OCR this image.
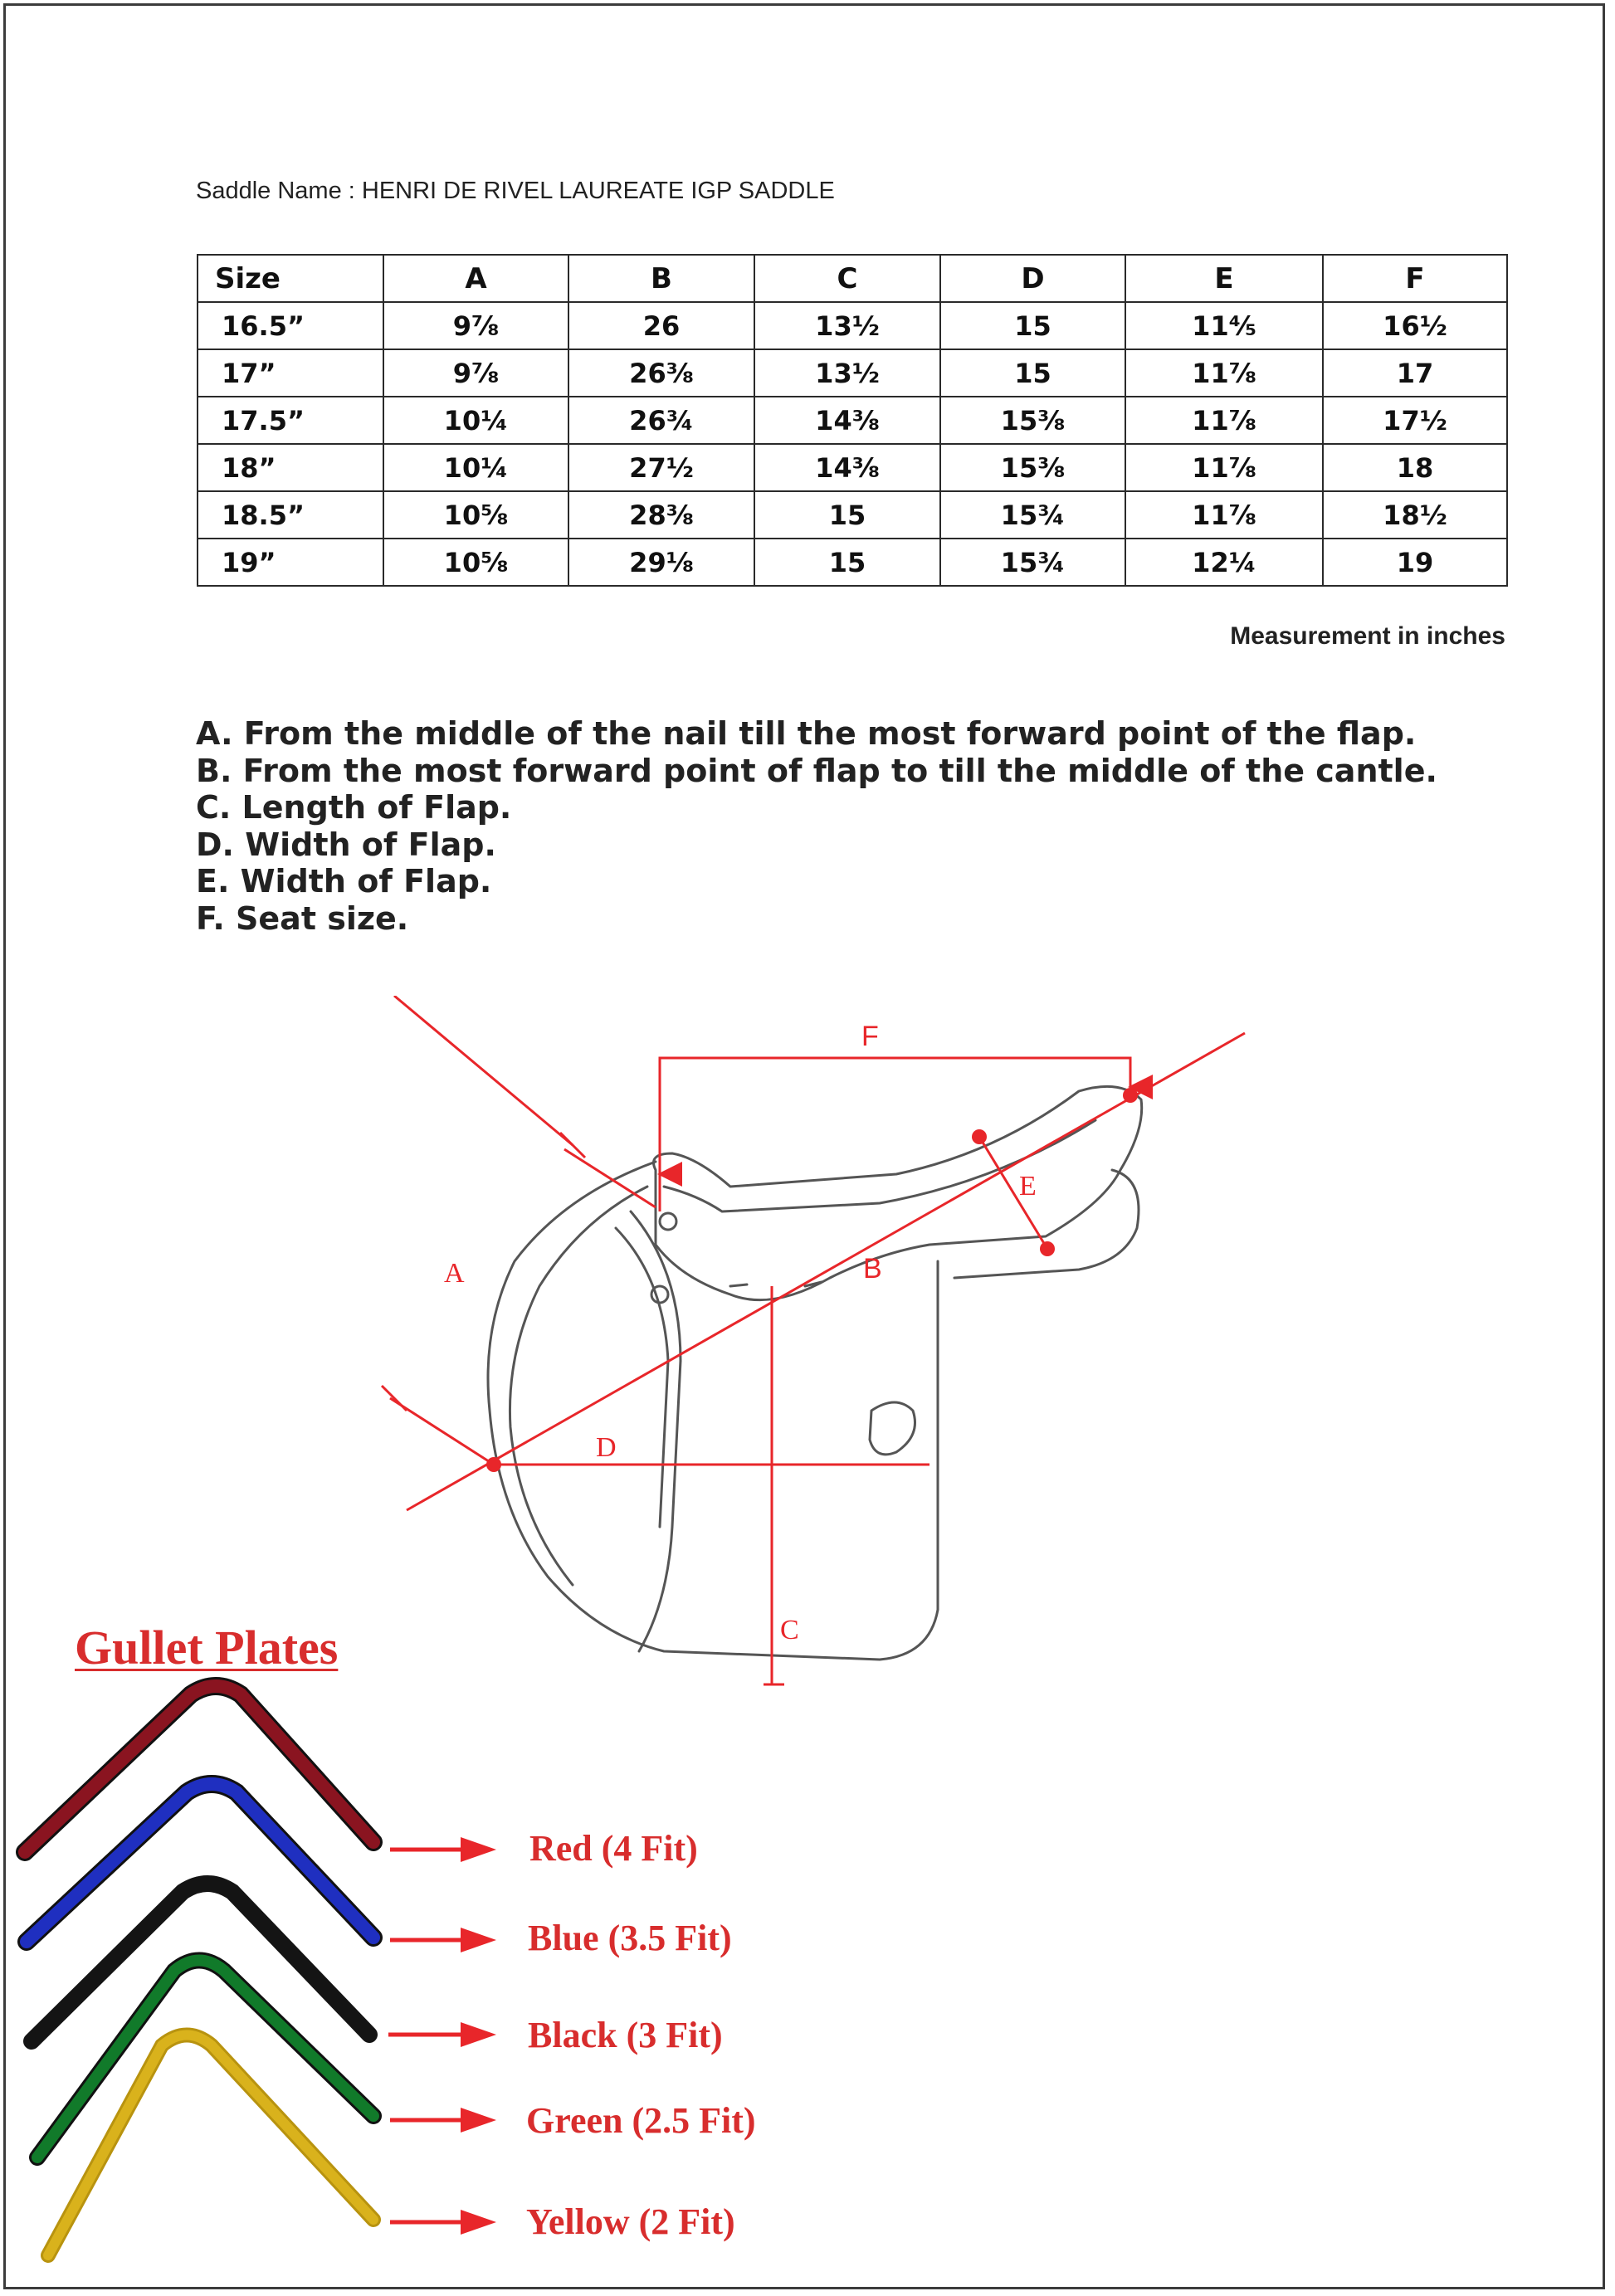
Saddle Name : HENRI DE RIVEL LAUREATE IGP SADDLE
Size	A	B	C	D	E	F
16.5”	9⅞	26	13½	15	11⅘	16½
17”	9⅞	26⅜	13½	15	11⅞	17
17.5”	10¼	26¾	14⅜	15⅜	11⅞	17½
18”	10¼	27½	14⅜	15⅜	11⅞	18
18.5”	10⅝	28⅜	15	15¾	11⅞	18½
19”	10⅝	29⅛	15	15¾	12¼	19
Measurement in inches
A. From the middle of the nail till the most forward point of the flap.
B. From the most forward point of flap to till the middle of the cantle.
C. Length of Flap.
D. Width of Flap.
E. Width of Flap.
F. Seat size.
F
E
B
A
D
C
Gullet Plates
Red (4 Fit)
Blue (3.5 Fit)
Black (3 Fit)
Green (2.5 Fit)
Yellow (2 Fit)
